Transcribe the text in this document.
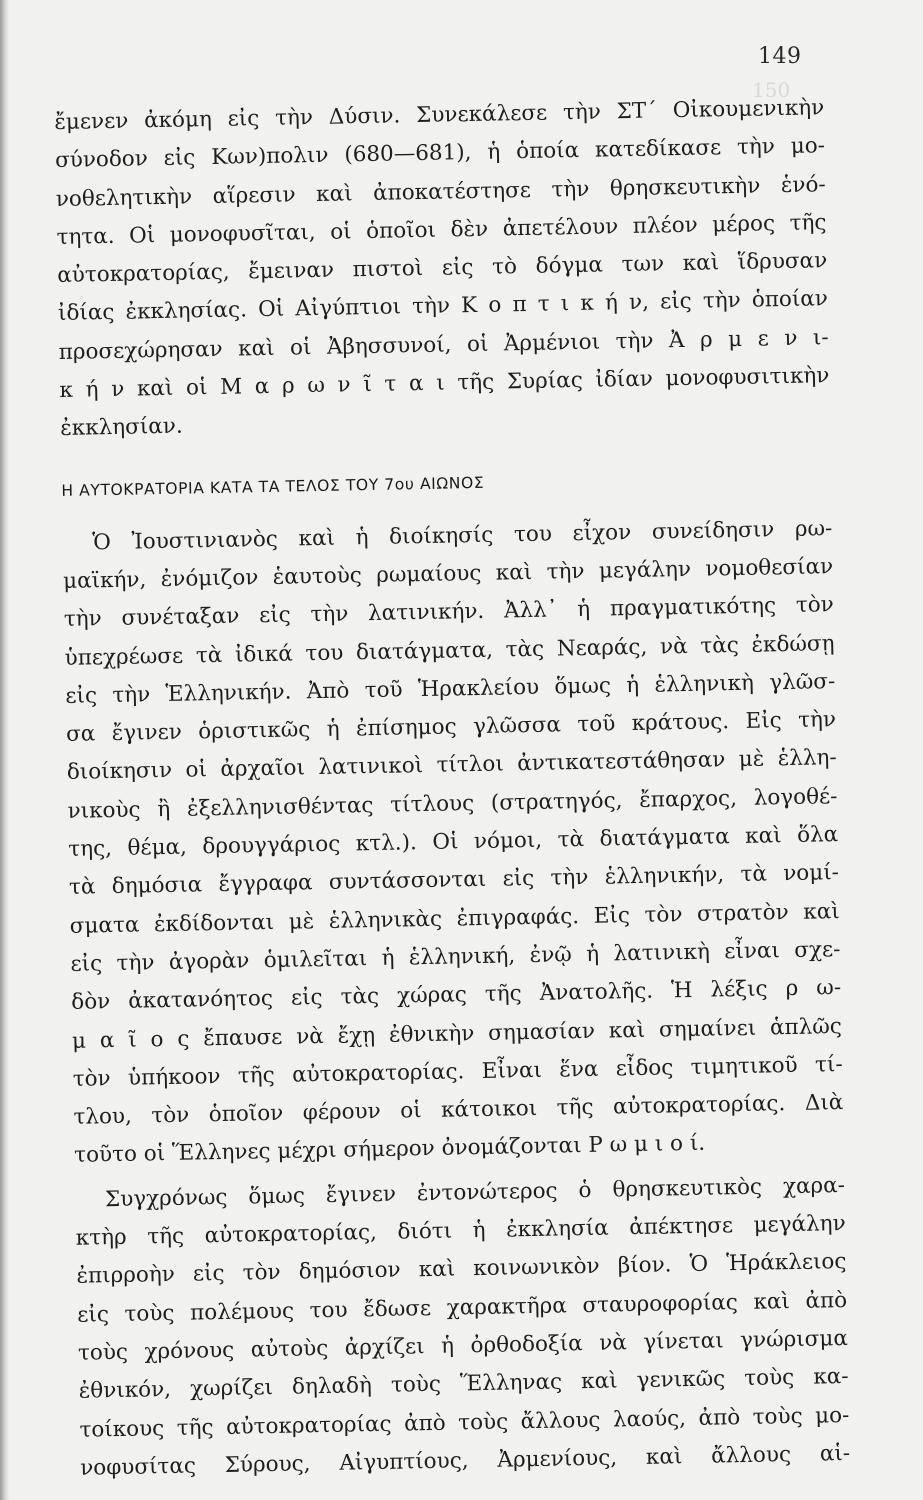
150
149
ἔμενεν ἀκόμη εἰς τὴν Δύσιν. Συνεκάλεσε τὴν ΣΤ´ Οἰκουμενικὴν
σύνοδον εἰς Κων)πολιν (680—681), ἡ ὁποία κατεδίκασε τὴν μο-
νοθελητικὴν αἵρεσιν καὶ ἀποκατέστησε τὴν θρησκευτικὴν ἑνό-
τητα. Οἱ μονοφυσῖται, οἱ ὁποῖοι δὲν ἀπετέλουν πλέον μέρος τῆς
αὐτοκρατορίας, ἔμειναν πιστοὶ εἰς τὸ δόγμα των καὶ ἵδρυσαν
ἰδίας ἐκκλησίας. Οἱ Αἰγύπτιοι τὴν Κ ο π τ ι κ ή ν, εἰς τὴν ὁποίαν
προσεχώρησαν καὶ οἱ Ἀβησσυνοί, οἱ Ἀρμένιοι τὴν Ἀ ρ μ ε ν ι-
κ ή ν καὶ οἱ Μ α ρ ω ν ῖ τ α ι τῆς Συρίας ἰδίαν μονοφυσιτικὴν
ἐκκλησίαν.
Η ΑΥΤΟΚΡΑΤΟΡΙΑ ΚΑΤΑ ΤΑ ΤΕΛΟΣ ΤΟΥ 7ου ΑΙΩΝΟΣ
Ὁ Ἰουστινιανὸς καὶ ἡ διοίκησίς του εἶχον συνείδησιν ρω-
μαϊκήν, ἐνόμιζον ἑαυτοὺς ρωμαίους καὶ τὴν μεγάλην νομοθεσίαν
τὴν συνέταξαν εἰς τὴν λατινικήν. Ἀλλ᾽ ἡ πραγματικότης τὸν
ὑπεχρέωσε τὰ ἰδικά του διατάγματα, τὰς Νεαράς, νὰ τὰς ἐκδώσῃ
εἰς τὴν Ἑλληνικήν. Ἀπὸ τοῦ Ἡρακλείου ὅμως ἡ ἑλληνικὴ γλῶσ-
σα ἔγινεν ὁριστικῶς ἡ ἐπίσημος γλῶσσα τοῦ κράτους. Εἰς τὴν
διοίκησιν οἱ ἀρχαῖοι λατινικοὶ τίτλοι ἀντικατεστάθησαν μὲ ἑλλη-
νικοὺς ἢ ἐξελληνισθέντας τίτλους (στρατηγός, ἔπαρχος, λογοθέ-
της, θέμα, δρουγγάριος κτλ.). Οἱ νόμοι, τὰ διατάγματα καὶ ὅλα
τὰ δημόσια ἔγγραφα συντάσσονται εἰς τὴν ἑλληνικήν, τὰ νομί-
σματα ἐκδίδονται μὲ ἑλληνικὰς ἐπιγραφάς. Εἰς τὸν στρατὸν καὶ
εἰς τὴν ἀγορὰν ὁμιλεῖται ἡ ἑλληνική, ἐνῷ ἡ λατινικὴ εἶναι σχε-
δὸν ἀκατανόητος εἰς τὰς χώρας τῆς Ἀνατολῆς. Ἡ λέξις ρ ω-
μ α ῖ ο ς ἔπαυσε νὰ ἔχῃ ἐθνικὴν σημασίαν καὶ σημαίνει ἁπλῶς
τὸν ὑπήκοον τῆς αὐτοκρατορίας. Εἶναι ἕνα εἶδος τιμητικοῦ τί-
τλου, τὸν ὁποῖον φέρουν οἱ κάτοικοι τῆς αὐτοκρατορίας. Διὰ
τοῦτο οἱ Ἕλληνες μέχρι σήμερον ὀνομάζονται Ρ ω μ ι ο ί.
Συγχρόνως ὅμως ἔγινεν ἐντονώτερος ὁ θρησκευτικὸς χαρα-
κτὴρ τῆς αὐτοκρατορίας, διότι ἡ ἐκκλησία ἀπέκτησε μεγάλην
ἐπιρροὴν εἰς τὸν δημόσιον καὶ κοινωνικὸν βίον. Ὁ Ἡράκλειος
εἰς τοὺς πολέμους του ἔδωσε χαρακτῆρα σταυροφορίας καὶ ἀπὸ
τοὺς χρόνους αὐτοὺς ἀρχίζει ἡ ὀρθοδοξία νὰ γίνεται γνώρισμα
ἐθνικόν, χωρίζει δηλαδὴ τοὺς Ἕλληνας καὶ γενικῶς τοὺς κα-
τοίκους τῆς αὐτοκρατορίας ἀπὸ τοὺς ἄλλους λαούς, ἀπὸ τοὺς μο-
νοφυσίτας Σύρους, Αἰγυπτίους, Ἀρμενίους, καὶ ἄλλους αἱ-
